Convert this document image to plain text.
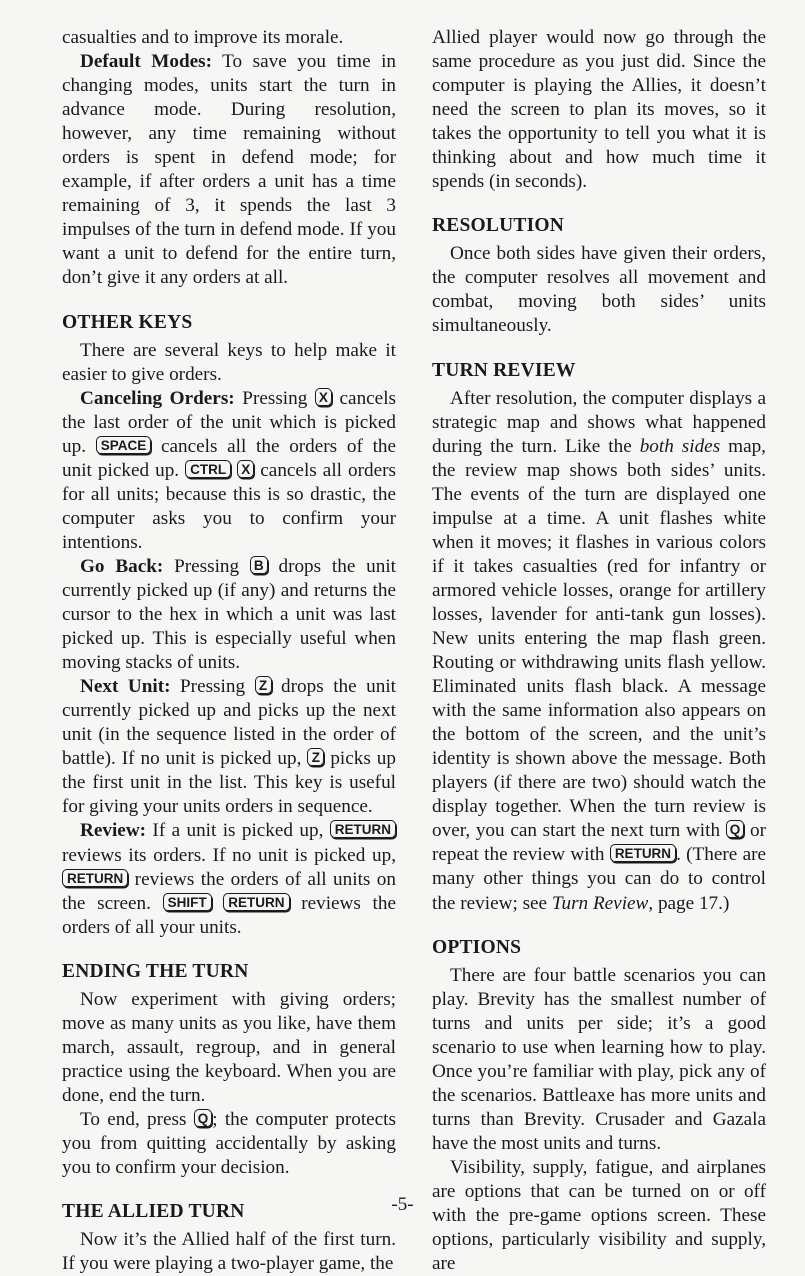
casualties and to improve its morale.

Default Modes: To save you time in changing modes, units start the turn in advance mode. During resolution, however, any time remaining without orders is spent in defend mode; for example, if after orders a unit has a time remaining of 3, it spends the last 3 impulses of the turn in defend mode. If you want a unit to defend for the entire turn, don’t give it any orders at all.

OTHER KEYS

There are several keys to help make it easier to give orders.

Canceling Orders: Pressing X cancels the last order of the unit which is picked up. SPACE cancels all the orders of the unit picked up. CTRL X cancels all orders for all units; because this is so drastic, the computer asks you to confirm your intentions.

Go Back: Pressing B drops the unit currently picked up (if any) and returns the cursor to the hex in which a unit was last picked up. This is especially useful when moving stacks of units.

Next Unit: Pressing Z drops the unit currently picked up and picks up the next unit (in the sequence listed in the order of battle). If no unit is picked up, Z picks up the first unit in the list. This key is useful for giving your units orders in sequence.

Review: If a unit is picked up, RETURN reviews its orders. If no unit is picked up, RETURN reviews the orders of all units on the screen. SHIFT RETURN reviews the orders of all your units.

ENDING THE TURN

Now experiment with giving orders; move as many units as you like, have them march, assault, regroup, and in general practice using the keyboard. When you are done, end the turn.

To end, press Q ; the computer protects you from quitting accidentally by asking you to confirm your decision.

THE ALLIED TURN

Now it’s the Allied half of the first turn. If you were playing a two-player game, the

Allied player would now go through the same procedure as you just did. Since the computer is playing the Allies, it doesn’t need the screen to plan its moves, so it takes the opportunity to tell you what it is thinking about and how much time it spends (in seconds).

RESOLUTION

Once both sides have given their orders, the computer resolves all movement and combat, moving both sides’ units simultaneously.

TURN REVIEW

After resolution, the computer displays a strategic map and shows what happened during the turn. Like the both sides map, the review map shows both sides’ units. The events of the turn are displayed one impulse at a time. A unit flashes white when it moves; it flashes in various colors if it takes casualties (red for infantry or armored vehicle losses, orange for artillery losses, lavender for anti-tank gun losses). New units entering the map flash green. Routing or withdrawing units flash yellow. Eliminated units flash black. A message with the same information also appears on the bottom of the screen, and the unit’s identity is shown above the message. Both players (if there are two) should watch the display together. When the turn review is over, you can start the next turn with Q or repeat the review with RETURN . (There are many other things you can do to control the review; see Turn Review, page 17.)

OPTIONS

There are four battle scenarios you can play. Brevity has the smallest number of turns and units per side; it’s a good scenario to use when learning how to play. Once you’re familiar with play, pick any of the scenarios. Battleaxe has more units and turns than Brevity. Crusader and Gazala have the most units and turns.

Visibility, supply, fatigue, and airplanes are options that can be turned on or off with the pre-game options screen. These options, particularly visibility and supply, are

-5-
